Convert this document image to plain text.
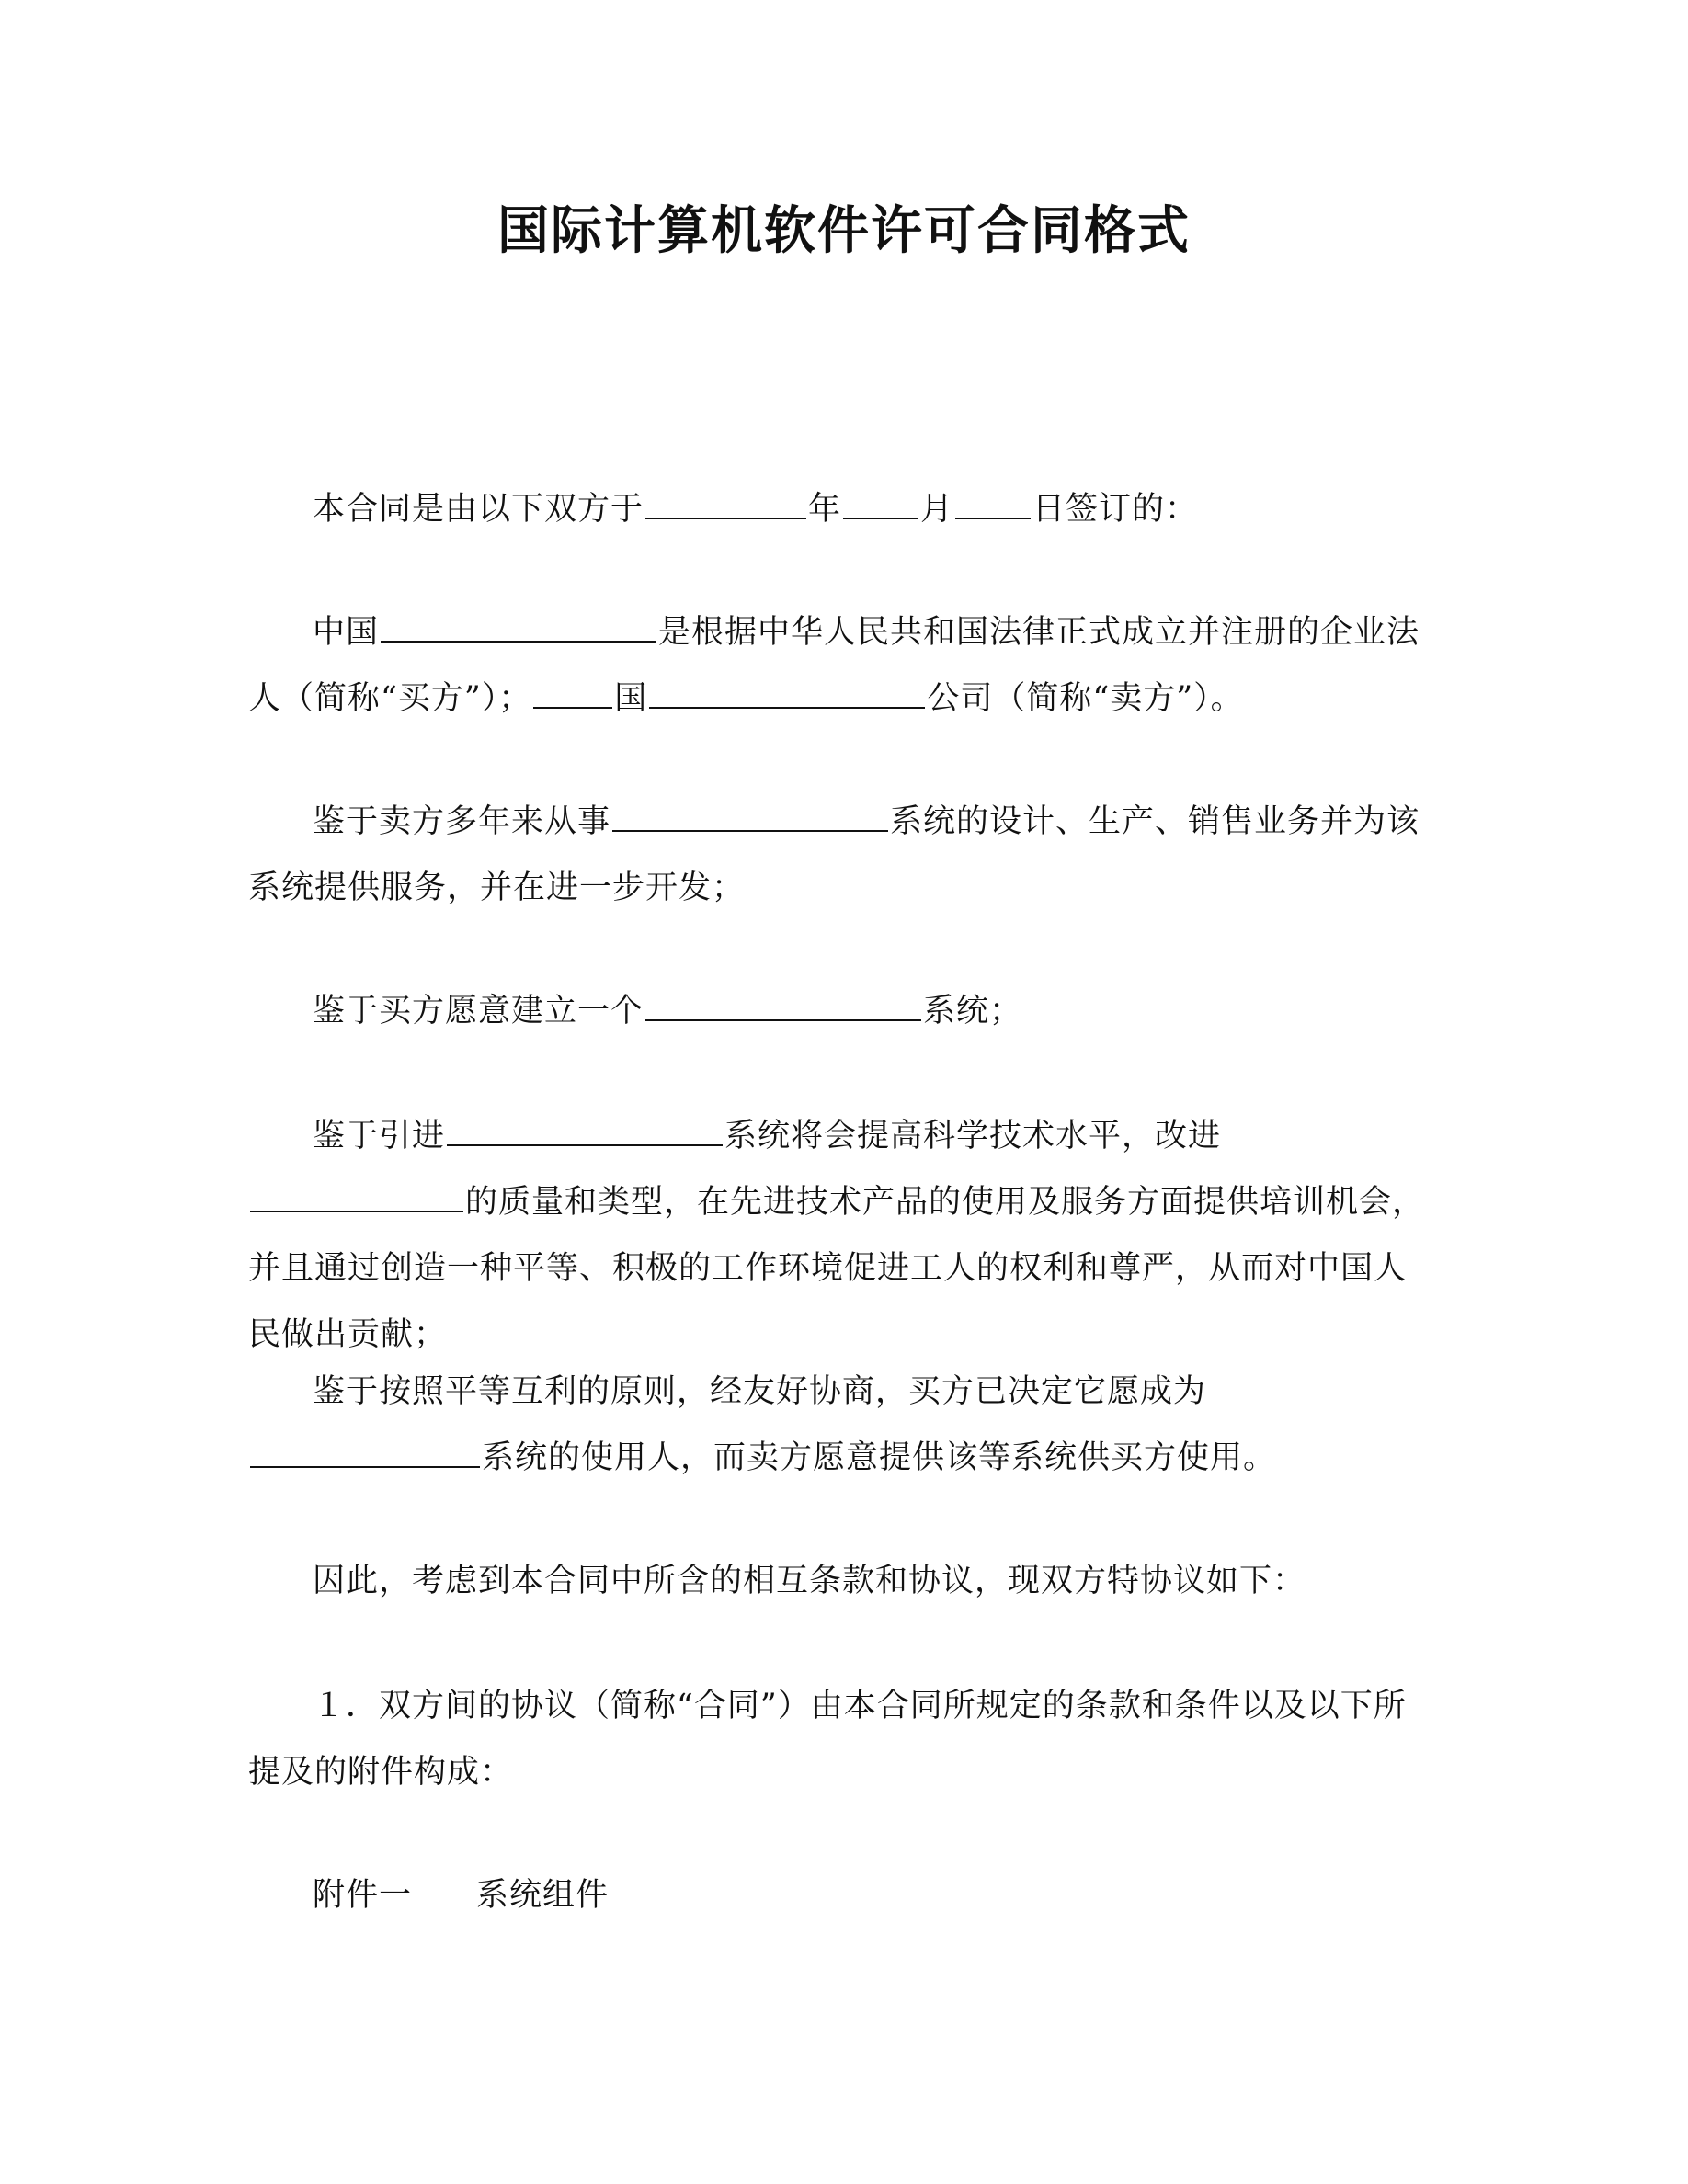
国际计算机软件许可合同格式
本合同是由以下双方于	年 月 日签订的：
中国	是根据中华人民共和国法律正式成立并注册的企业法人（简称“买方”）；	国	公司（简称“卖方”）。
鉴于卖方多年来从事	系统的设计、生产、销售业务并为该系统提供服务，并在进一步开发；
鉴于买方愿意建立一个	系统；
鉴于引进	系统将会提高科学技术水平，改进的质量和类型，在先进技术产品的使用及服务方面提供培训机会，并且通过创造一种平等、积极的工作环境促进工人的权利和尊严，从而对中国人民做出贡献；
鉴于按照平等互利的原则，经友好协商，买方已决定它愿成为系统的使用人，而卖方愿意提供该等系统供买方使用。
因此，考虑到本合同中所含的相互条款和协议，现双方特协议如下：
１．双方间的协议（简称“合同”）由本合同所规定的条款和条件以及以下所提及的附件构成：
附件一 系统组件
